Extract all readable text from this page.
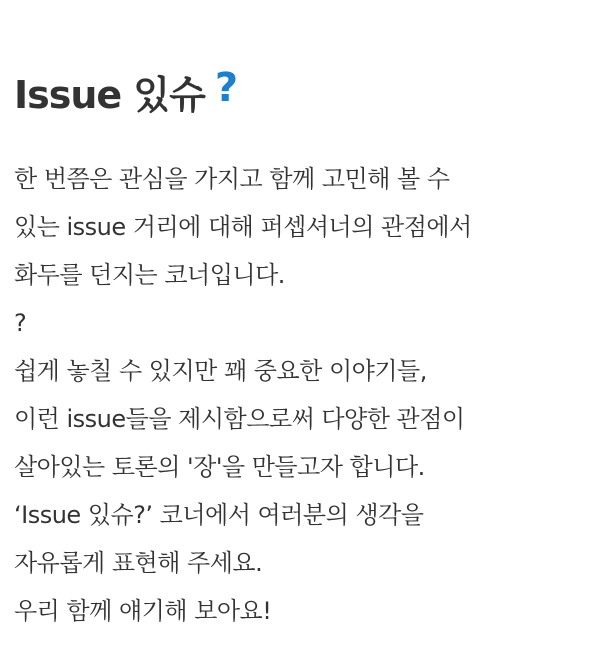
Issue 있슈 ?
한 번쯤은 관심을 가지고 함께 고민해 볼 수
있는 issue 거리에 대해 퍼셉셔너의 관점에서
화두를 던지는 코너입니다.
?
쉽게 놓칠 수 있지만 꽤 중요한 이야기들,
이런 issue들을 제시함으로써 다양한 관점이
살아있는 토론의 '장'을 만들고자 합니다.
‘Issue 있슈?’ 코너에서 여러분의 생각을
자유롭게 표현해 주세요.
우리 함께 얘기해 보아요!
